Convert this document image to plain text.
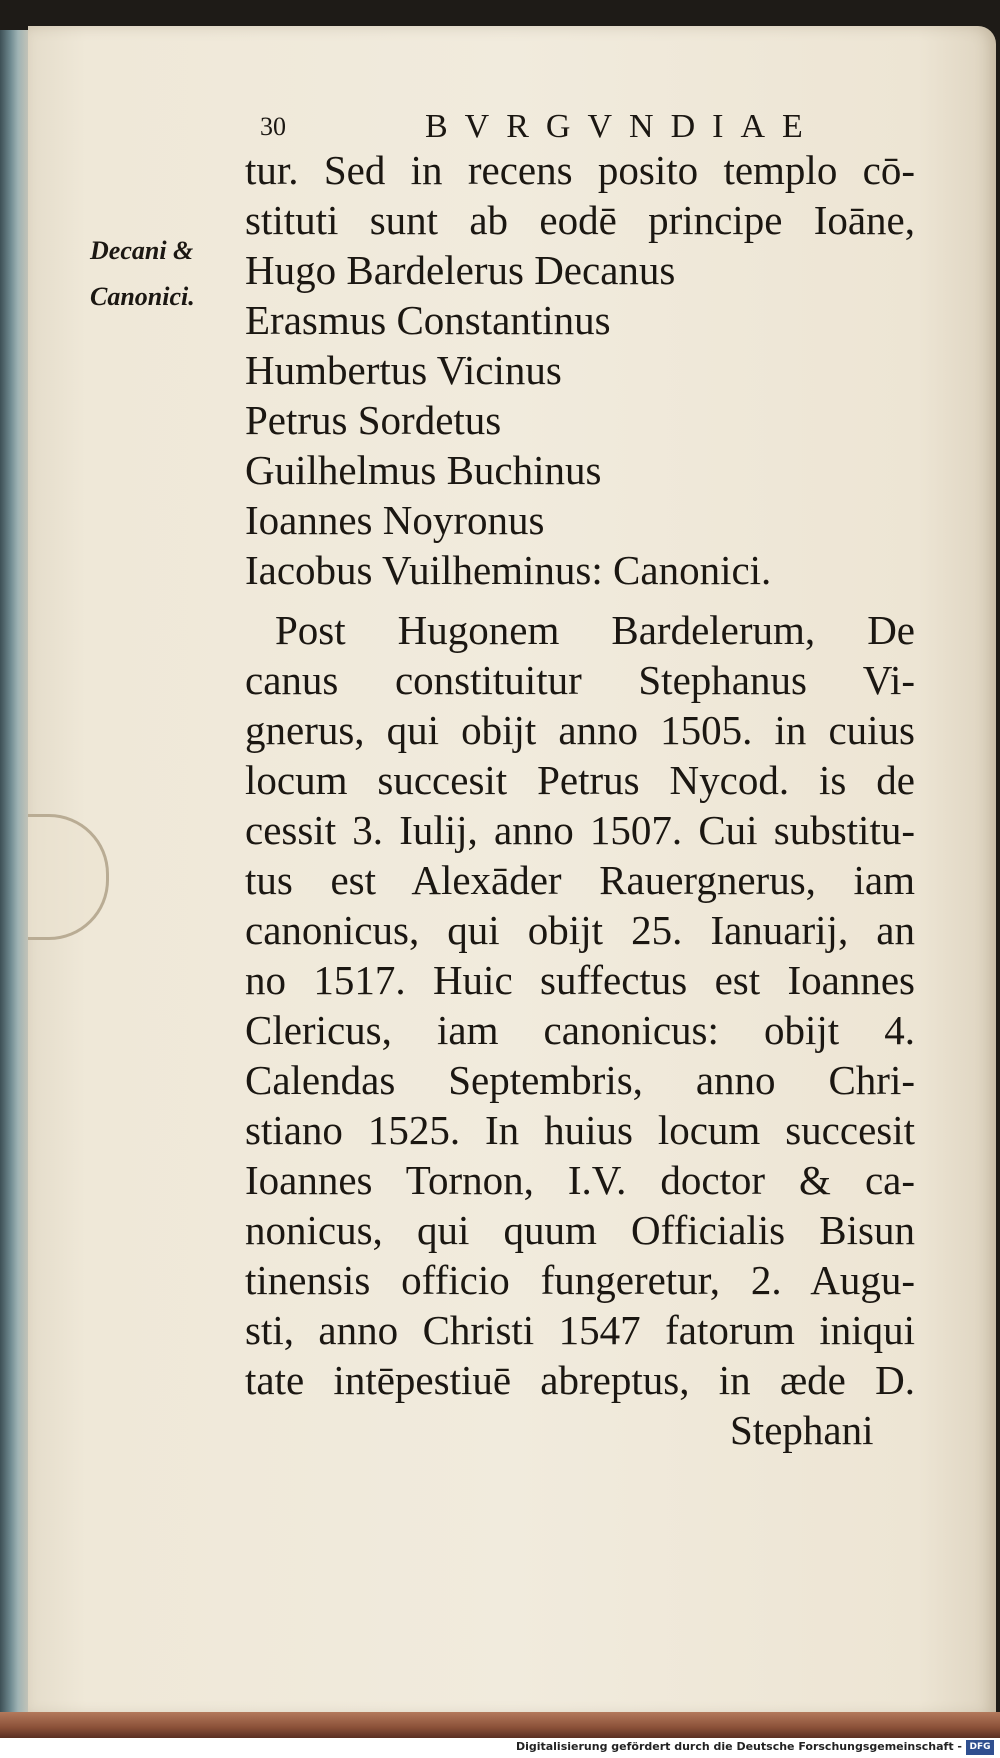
30	BVRGVNDIAE
Decani &
Canonici.
tur. Sed in recens posito templo cō-
stituti sunt ab eodē principe Ioāne,
Hugo Bardelerus Decanus
Erasmus Constantinus
Humbertus Vicinus
Petrus Sordetus
Guilhelmus Buchinus
Ioannes Noyronus
Iacobus Vuilheminus: Canonici.
Post Hugonem Bardelerum, De
canus constituitur Stephanus Vi-
gnerus, qui obijt anno 1505. in cuius
locum succesit Petrus Nycod. is de
cessit 3. Iulij, anno 1507. Cui substitu-
tus est Alexāder Rauergnerus, iam
canonicus, qui obijt 25. Ianuarij, an
no 1517. Huic suffectus est Ioannes
Clericus, iam canonicus: obijt 4.
Calendas Septembris, anno Chri-
stiano 1525. In huius locum succesit
Ioannes Tornon, I.V. doctor & ca-
nonicus, qui quum Officialis Bisun
tinensis officio fungeretur, 2. Augu-
sti, anno Christi 1547 fatorum iniqui
tate intēpestiuē abreptus, in æde D.
Stephani
Digitalisierung gefördert durch die Deutsche Forschungsgemeinschaft - DFG
